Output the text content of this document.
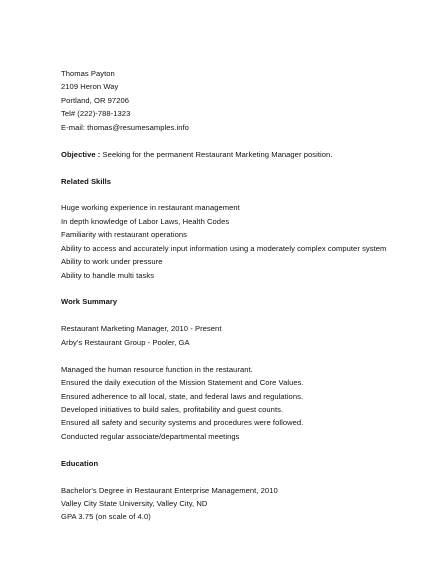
Thomas Payton
2109 Heron Way
Portland, OR 97206
Tel# (222)-788-1323
E-mail: thomas@resumesamples.info
Objective : Seeking for the permanent Restaurant Marketing Manager position.
Related Skills
Huge working experience in restaurant management
In depth knowledge of Labor Laws, Health Codes
Familiarity with restaurant operations
Ability to access and accurately input information using a moderately complex computer system
Ability to work under pressure
Ability to handle multi tasks
Work Summary
Restaurant Marketing Manager, 2010 - Present
Arby's Restaurant Group - Pooler, GA
Managed the human resource function in the restaurant.
Ensured the daily execution of the Mission Statement and Core Values.
Ensured adherence to all local, state, and federal laws and regulations.
Developed initiatives to build sales, profitability and guest counts.
Ensured all safety and security systems and procedures were followed.
Conducted regular associate/departmental meetings
Education
Bachelor's Degree in Restaurant Enterprise Management, 2010
Valley City State University, Valley City, ND
GPA 3.75 (on scale of 4.0)
